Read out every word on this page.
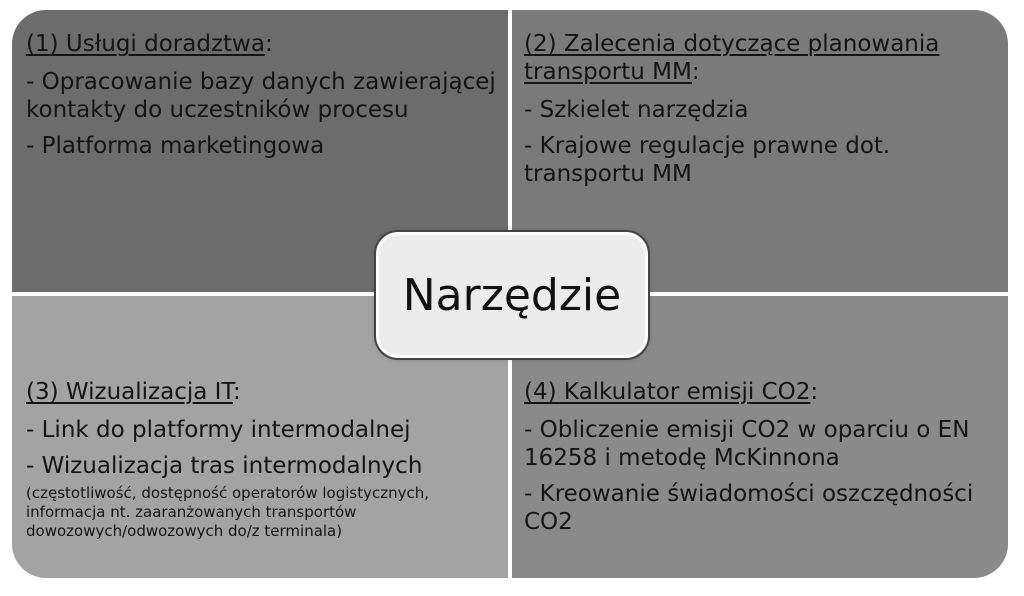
(1) Usługi doradztwa:
- Opracowanie bazy danych zawierającej kontakty do uczestników procesu
- Platforma marketingowa
(2) Zalecenia dotyczące planowania transportu MM:
- Szkielet narzędzia
- Krajowe regulacje prawne dot. transportu MM
(3) Wizualizacja IT:
- Link do platformy intermodalnej
- Wizualizacja tras intermodalnych
(częstotliwość, dostępność operatorów logistycznych, informacja nt. zaaranżowanych transportów dowozowych/odwozowych do/z terminala)
(4) Kalkulator emisji CO2:
- Obliczenie emisji CO2 w oparciu o EN 16258 i metodę McKinnona
- Kreowanie świadomości oszczędności CO2
Narzędzie
